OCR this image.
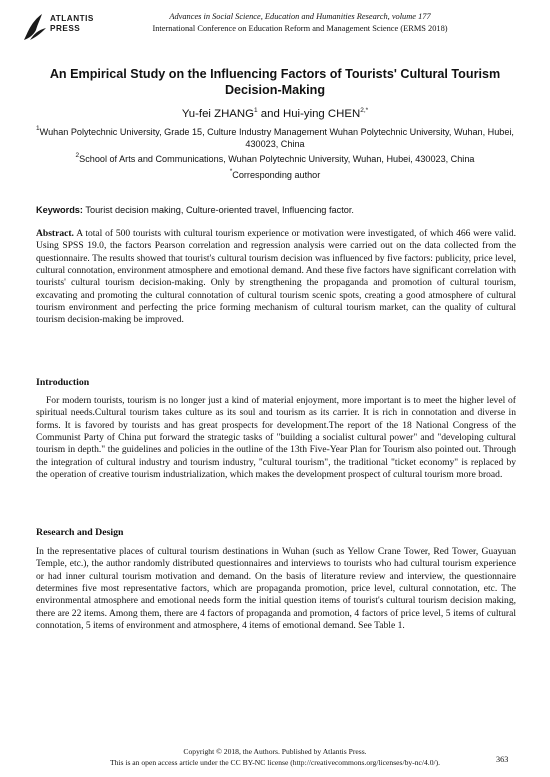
ATLANTIS
PRESS
Advances in Social Science, Education and Humanities Research, volume 177
International Conference on Education Reform and Management Science (ERMS 2018)
An Empirical Study on the Influencing Factors of Tourists' Cultural Tourism Decision-Making
Yu-fei ZHANG$^1$ and Hui-ying $CHEN^{2,*}$
$^1$Wuhan Polytechnic University, Grade 15, Culture Industry Management Wuhan Polytechnic University, Wuhan, Hubei, 430023, China
$^2$School of Arts and Communications, Wuhan Polytechnic University, Wuhan, Hubei, 430023, China
*Corresponding author
Keywords: Tourist decision making, Culture-oriented travel, Influencing factor.

Abstract. A total of 500 tourists with cultural tourism experience or motivation were investigated, of which 466 were valid. Using SPSS 19.0, the factors Pearson correlation and regression analysis were carried out on the data collected from the questionnaire. The results showed that tourist's cultural tourism decision was influenced by five factors: publicity, price level, cultural connotation, environment atmosphere and emotional demand. And these five factors have significant correlation with tourists' cultural tourism decision-making. Only by strengthening the propaganda and promotion of cultural tourism, excavating and promoting the cultural connotation of cultural tourism scenic spots, creating a good atmosphere of cultural tourism environment and perfecting the price forming mechanism of cultural tourism market, can the quality of cultural tourism decision-making be improved.

Introduction

For modern tourists, tourism is no longer just a kind of material enjoyment, more important is to meet the higher level of spiritual needs.Cultural tourism takes culture as its soul and tourism as its carrier. It is rich in connotation and diverse in forms. It is favored by tourists and has great prospects for development.The report of the 18 National Congress of the Communist Party of China put forward the strategic tasks of "building a socialist cultural power" and "developing cultural tourism in depth." the guidelines and policies in the outline of the 13th Five-Year Plan for Tourism also pointed out. Through the integration of cultural industry and tourism industry, "cultural tourism", the traditional "ticket economy" is replaced by the operation of creative tourism industrialization, which makes the development prospect of cultural tourism more broad.

Research and Design

In the representative places of cultural tourism destinations in Wuhan (such as Yellow Crane Tower, Red Tower, Guayuan Temple, etc.), the author randomly distributed questionnaires and interviews to tourists who had cultural tourism experience or had inner cultural tourism motivation and demand. On the basis of literature review and interview, the questionnaire determines five most representative factors, which are propaganda promotion, price level, cultural connotation, etc. The environmental atmosphere and emotional needs form the initial question items of tourist's cultural tourism decision making, there are 22 items. Among them, there are 4 factors of propaganda and promotion, 4 factors of price level, 5 items of cultural connotation, 5 items of environment and atmosphere, 4 items of emotional demand. See Table 1.

Copyright © 2018, the Authors. Published by Atlantis Press.
This is an open access article under the CC BY-NC license (http://creativecommons.org/licenses/by-nc/4.0/).	363
